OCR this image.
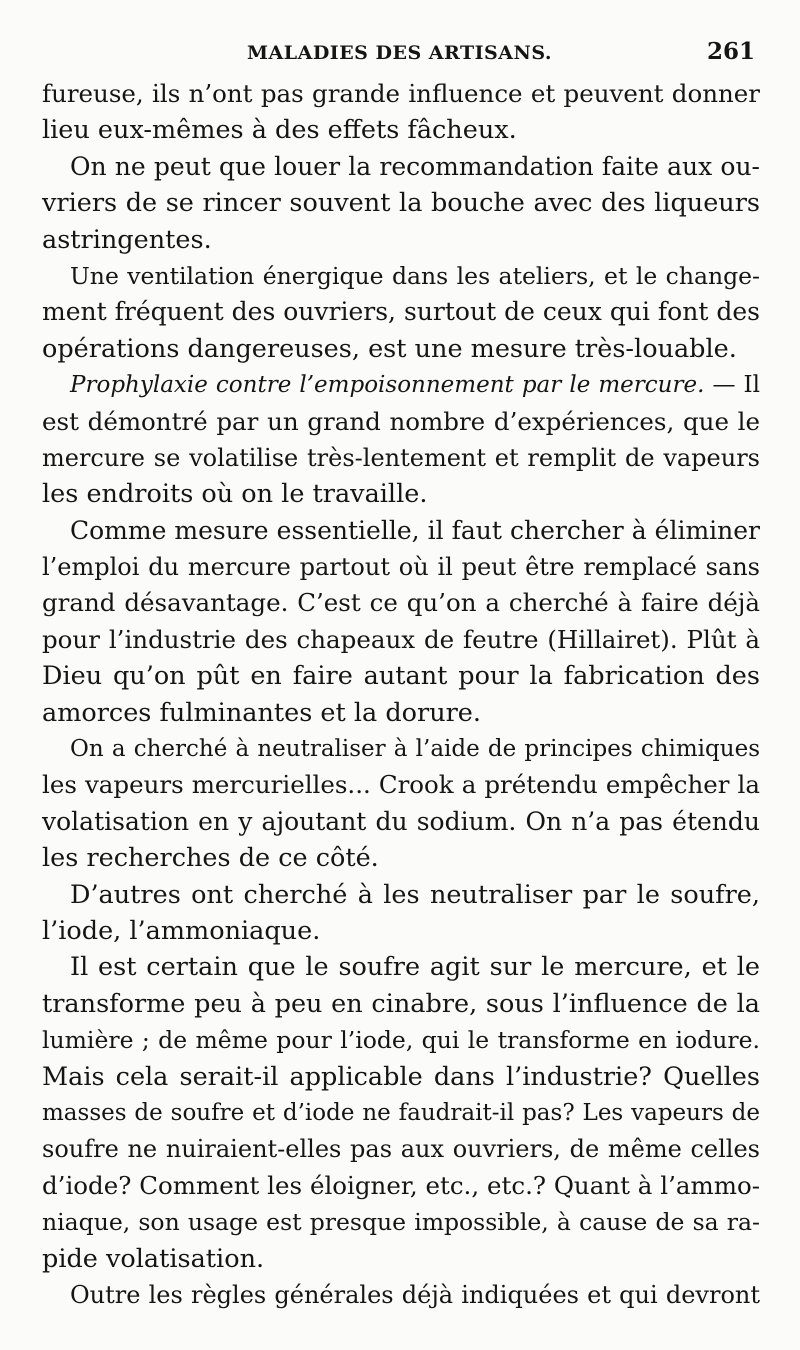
MALADIES DES ARTISANS.	261
fureuse, ils n’ont pas grande influence et peuvent donner
lieu eux-mêmes à des effets fâcheux.
On ne peut que louer la recommandation faite aux ou-
vriers de se rincer souvent la bouche avec des liqueurs
astringentes.
Une ventilation énergique dans les ateliers, et le change-
ment fréquent des ouvriers, surtout de ceux qui font des
opérations dangereuses, est une mesure très-louable.
Prophylaxie contre l’empoisonnement par le mercure. — Il
est démontré par un grand nombre d’expériences, que le
mercure se volatilise très-lentement et remplit de vapeurs
les endroits où on le travaille.
Comme mesure essentielle, il faut chercher à éliminer
l’emploi du mercure partout où il peut être remplacé sans
grand désavantage. C’est ce qu’on a cherché à faire déjà
pour l’industrie des chapeaux de feutre (Hillairet). Plût à
Dieu qu’on pût en faire autant pour la fabrication des
amorces fulminantes et la dorure.
On a cherché à neutraliser à l’aide de principes chimiques
les vapeurs mercurielles... Crook a prétendu empêcher la
volatisation en y ajoutant du sodium. On n’a pas étendu
les recherches de ce côté.
D’autres ont cherché à les neutraliser par le soufre,
l’iode, l’ammoniaque.
Il est certain que le soufre agit sur le mercure, et le
transforme peu à peu en cinabre, sous l’influence de la
lumière ; de même pour l’iode, qui le transforme en iodure.
Mais cela serait-il applicable dans l’industrie? Quelles
masses de soufre et d’iode ne faudrait-il pas? Les vapeurs de
soufre ne nuiraient-elles pas aux ouvriers, de même celles
d’iode? Comment les éloigner, etc., etc.? Quant à l’ammo-
niaque, son usage est presque impossible, à cause de sa ra-
pide volatisation.
Outre les règles générales déjà indiquées et qui devront
